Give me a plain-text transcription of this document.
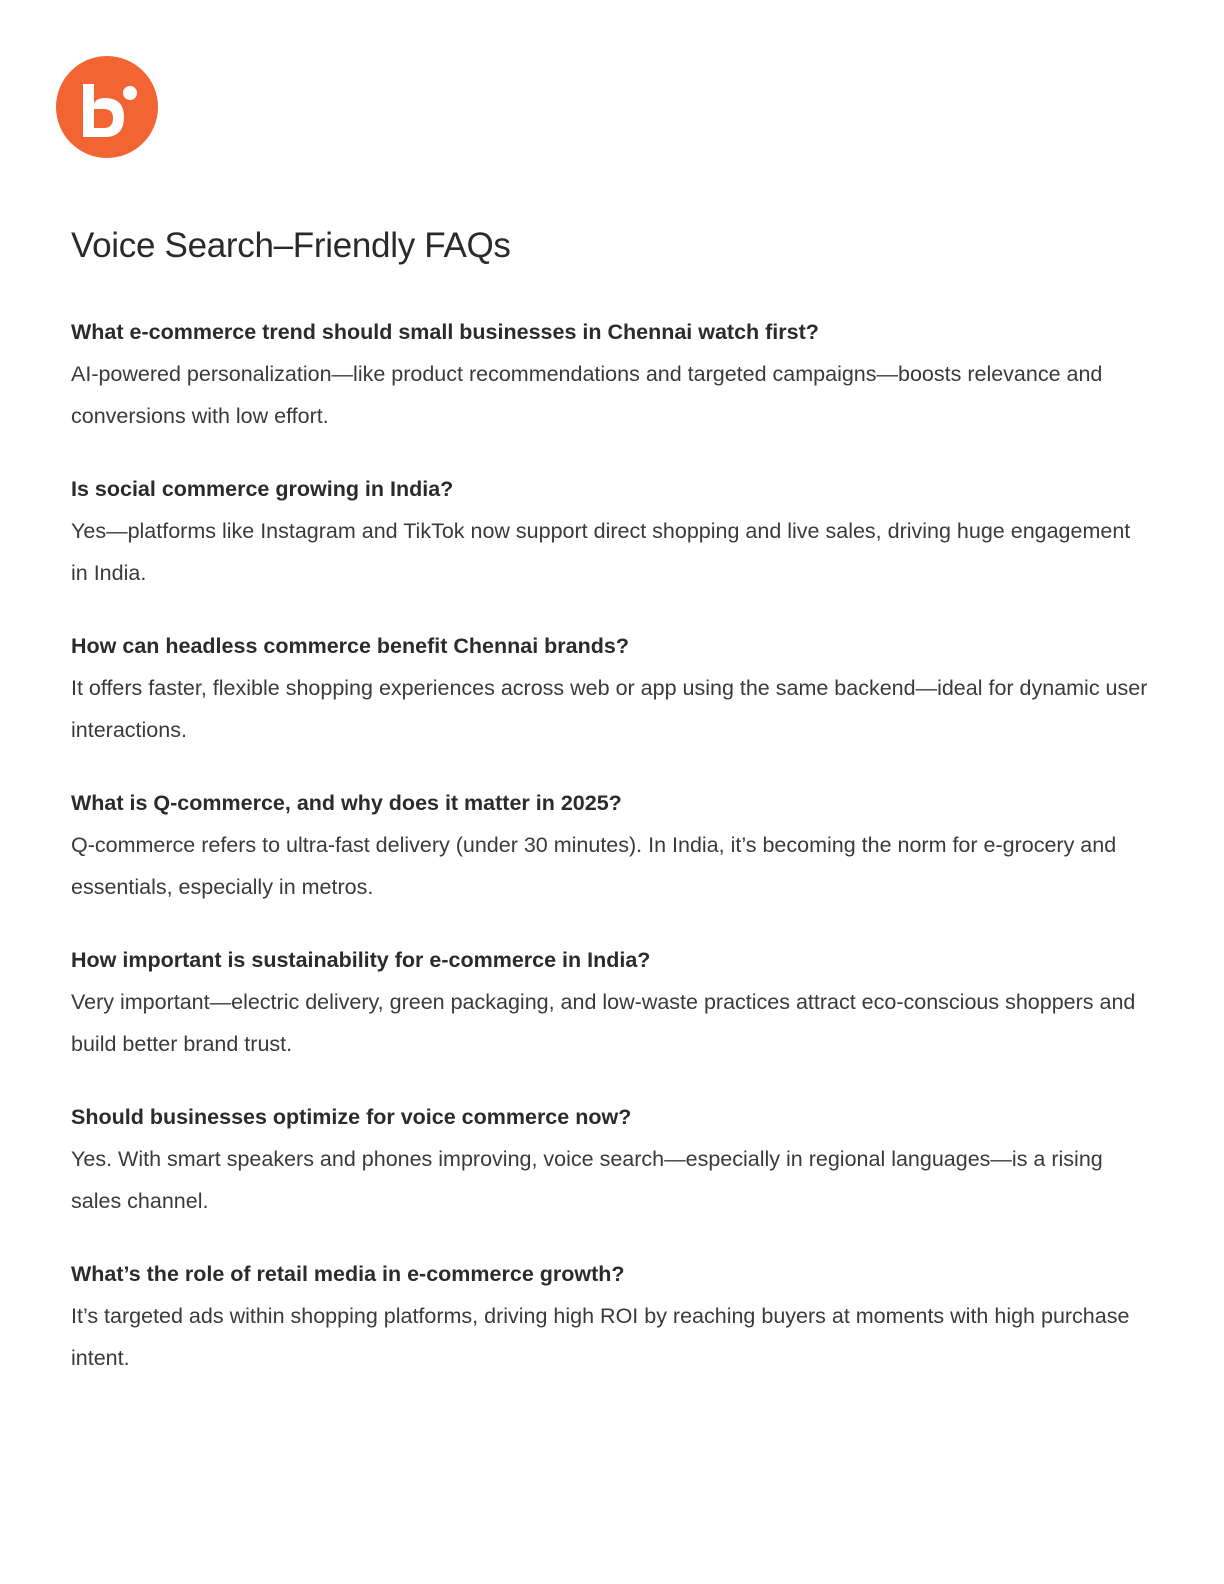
Voice Search–Friendly FAQs

What e-commerce trend should small businesses in Chennai watch first?

AI-powered personalization—like product recommendations and targeted campaigns—boosts relevance and conversions with low effort.

Is social commerce growing in India?

Yes—platforms like Instagram and TikTok now support direct shopping and live sales, driving huge engagement in India.

How can headless commerce benefit Chennai brands?

It offers faster, flexible shopping experiences across web or app using the same backend—ideal for dynamic user interactions.

What is Q-commerce, and why does it matter in 2025?

Q-commerce refers to ultra-fast delivery (under 30 minutes). In India, it’s becoming the norm for e-grocery and essentials, especially in metros.

How important is sustainability for e-commerce in India?

Very important—electric delivery, green packaging, and low-waste practices attract eco-conscious shoppers and build better brand trust.

Should businesses optimize for voice commerce now?

Yes. With smart speakers and phones improving, voice search—especially in regional languages—is a rising sales channel.

What’s the role of retail media in e-commerce growth?

It’s targeted ads within shopping platforms, driving high ROI by reaching buyers at moments with high purchase intent.
